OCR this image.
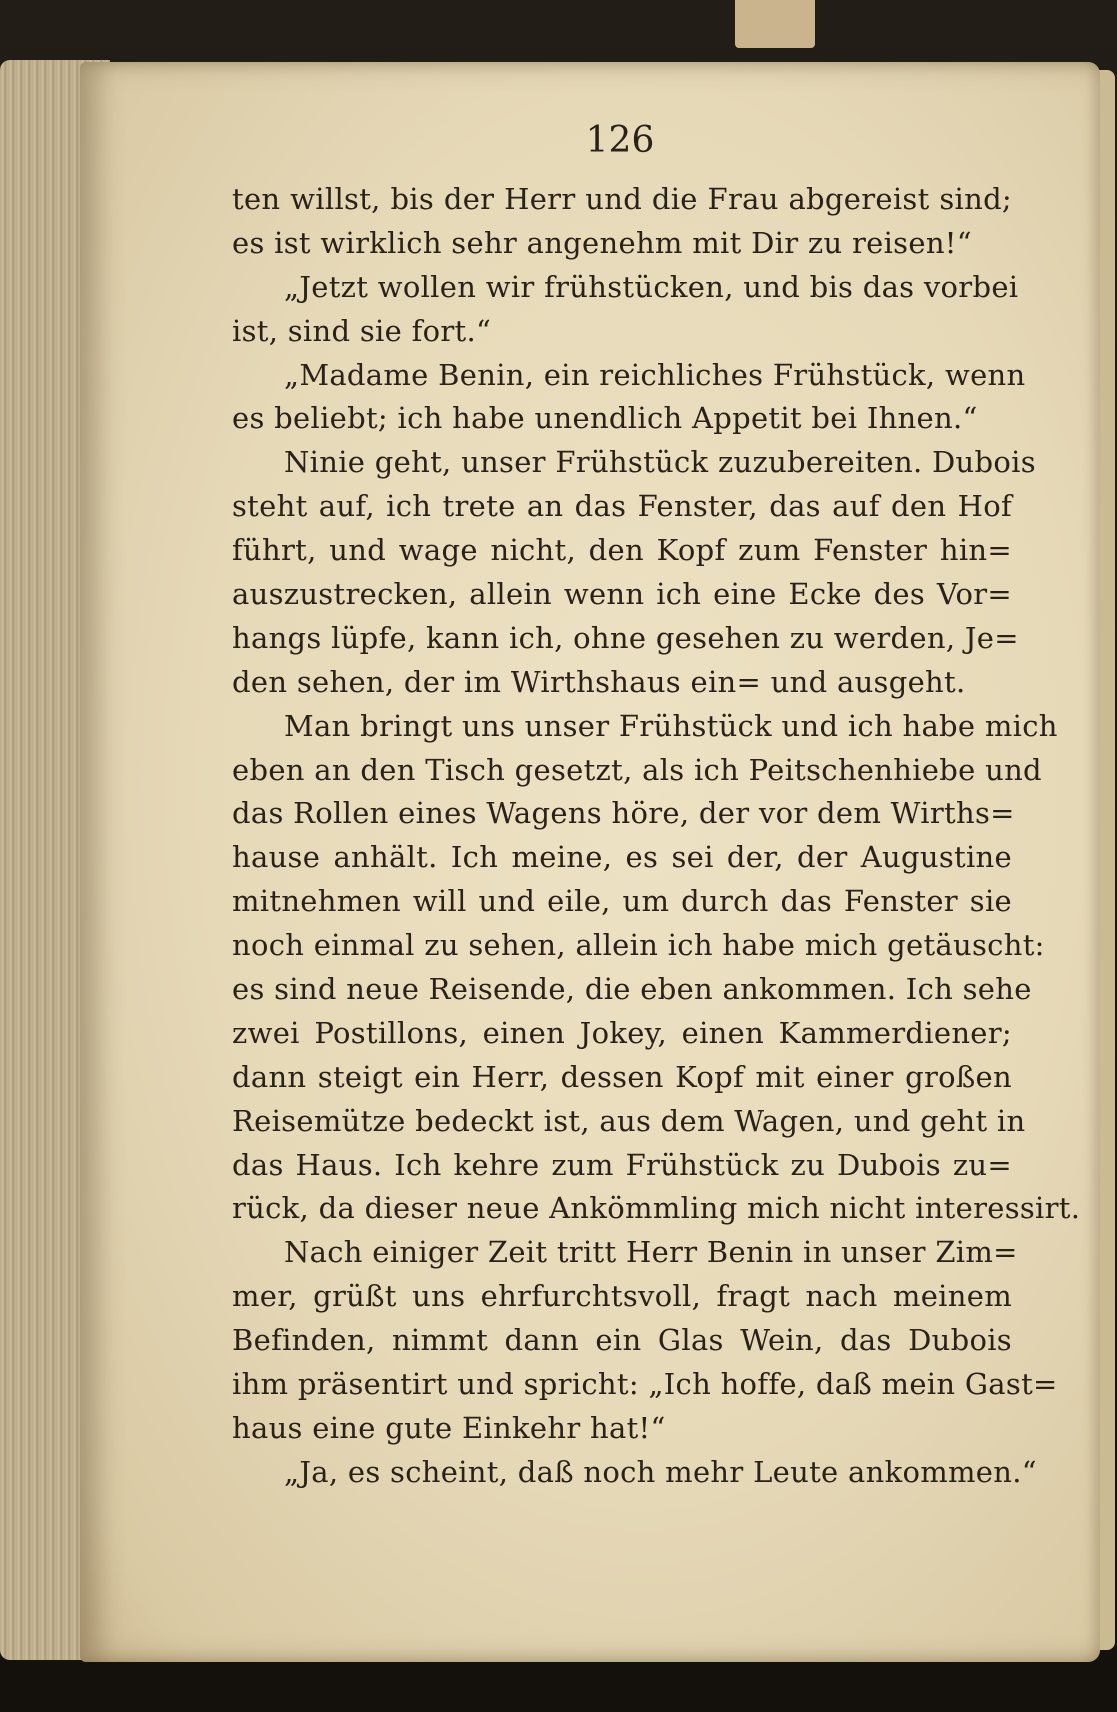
126
ten willst, bis der Herr und die Frau abgereist sind;
es ist wirklich sehr angenehm mit Dir zu reisen!“
„Jetzt wollen wir frühstücken, und bis das vorbei
ist, sind sie fort.“
„Madame Benin, ein reichliches Frühstück, wenn
es beliebt; ich habe unendlich Appetit bei Ihnen.“
Ninie geht, unser Frühstück zuzubereiten. Dubois
steht auf, ich trete an das Fenster, das auf den Hof
führt, und wage nicht, den Kopf zum Fenster hin=
auszustrecken, allein wenn ich eine Ecke des Vor=
hangs lüpfe, kann ich, ohne gesehen zu werden, Je=
den sehen, der im Wirthshaus ein= und ausgeht.
Man bringt uns unser Frühstück und ich habe mich
eben an den Tisch gesetzt, als ich Peitschenhiebe und
das Rollen eines Wagens höre, der vor dem Wirths=
hause anhält. Ich meine, es sei der, der Augustine
mitnehmen will und eile, um durch das Fenster sie
noch einmal zu sehen, allein ich habe mich getäuscht:
es sind neue Reisende, die eben ankommen. Ich sehe
zwei Postillons, einen Jokey, einen Kammerdiener;
dann steigt ein Herr, dessen Kopf mit einer großen
Reisemütze bedeckt ist, aus dem Wagen, und geht in
das Haus. Ich kehre zum Frühstück zu Dubois zu=
rück, da dieser neue Ankömmling mich nicht interessirt.
Nach einiger Zeit tritt Herr Benin in unser Zim=
mer, grüßt uns ehrfurchtsvoll, fragt nach meinem
Befinden, nimmt dann ein Glas Wein, das Dubois
ihm präsentirt und spricht: „Ich hoffe, daß mein Gast=
haus eine gute Einkehr hat!“
„Ja, es scheint, daß noch mehr Leute ankommen.“
